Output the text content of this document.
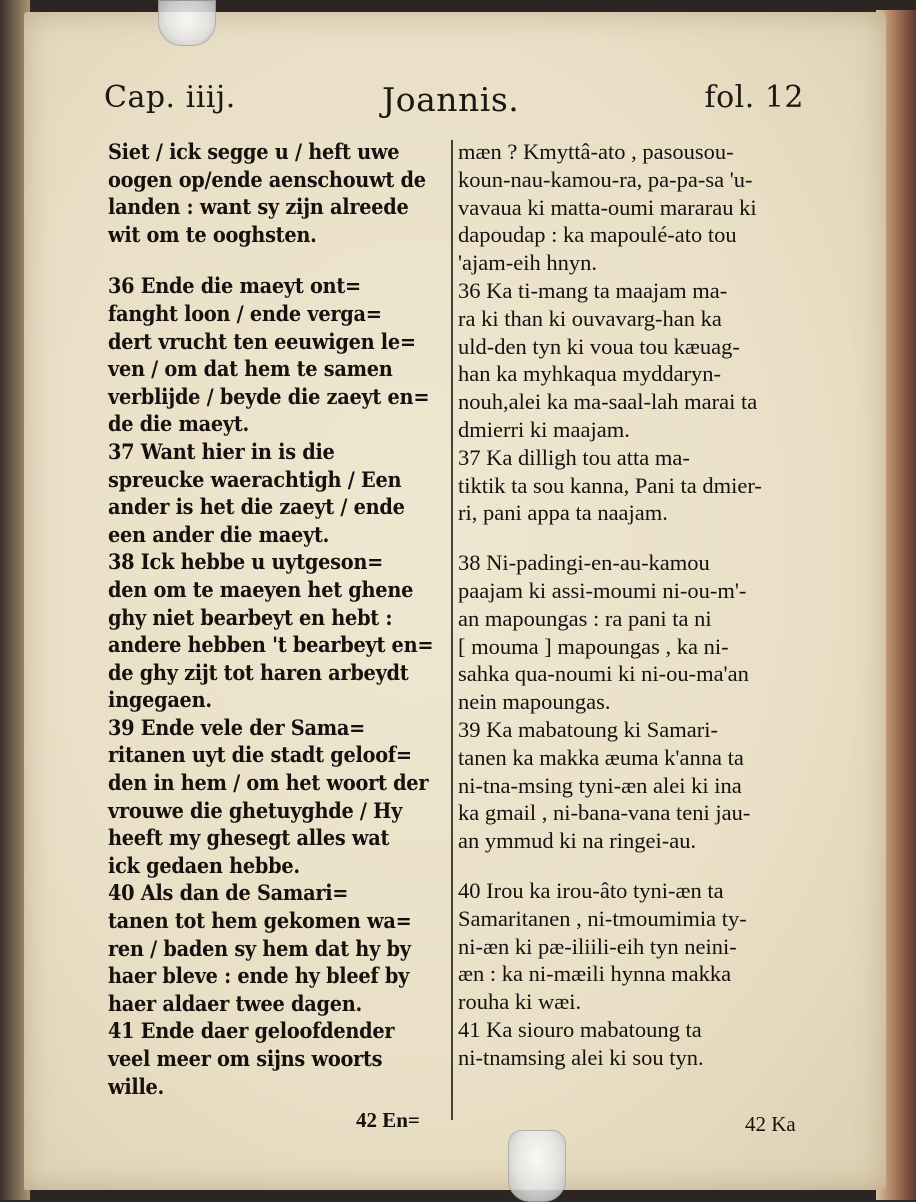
Cap. iiij.	Joannis.	fol. 12
Siet / ick segge u / heft uwe
oogen op/ende aenschouwt de
landen : want sy zijn alreede
wit om te ooghsten.
36 Ende die maeyt ont=
fanght loon / ende verga=
dert vrucht ten eeuwigen le=
ven / om dat hem te samen
verblijde / beyde die zaeyt en=
de die maeyt.
37 Want hier in is die
spreucke waerachtigh / Een
ander is het die zaeyt / ende
een ander die maeyt.
38 Ick hebbe u uytgeson=
den om te maeyen het ghene
ghy niet bearbeyt en hebt :
andere hebben 't bearbeyt en=
de ghy zijt tot haren arbeydt
ingegaen.
39 Ende vele der Sama=
ritanen uyt die stadt geloof=
den in hem / om het woort der
vrouwe die ghetuyghde / Hy
heeft my ghesegt alles wat
ick gedaen hebbe.
40 Als dan de Samari=
tanen tot hem gekomen wa=
ren / baden sy hem dat hy by
haer bleve : ende hy bleef by
haer aldaer twee dagen.
41 Ende daer geloofdender
veel meer om sijns woorts
wille.
mæn ? Kmyttâ-ato , pasousou-
koun-nau-kamou-ra, pa-pa-sa 'u-
vavaua ki matta-oumi mararau ki
dapoudap : ka mapoulé-ato tou
'ajam-eih hnyn.
36 Ka ti-mang ta maajam ma-
ra ki than ki ouvavarg-han ka
uld-den tyn ki voua tou kæuag-
han ka myhkaqua myddaryn-
nouh,alei ka ma-saal-lah marai ta
dmierri ki maajam.
37 Ka dilligh tou atta ma-
tiktik ta sou kanna, Pani ta dmier-
ri, pani appa ta naajam.
38 Ni-padingi-en-au-kamou
paajam ki assi-moumi ni-ou-m'-
an mapoungas : ra pani ta ni
[ mouma ] mapoungas , ka ni-
sahka qua-noumi ki ni-ou-ma'an
nein mapoungas.
39 Ka mabatoung ki Samari-
tanen ka makka æuma k'anna ta
ni-tna-msing tyni-æn alei ki ina
ka gmail , ni-bana-vana teni jau-
an ymmud ki na ringei-au.
40 Irou ka irou-âto tyni-æn ta
Samaritanen , ni-tmoumimia ty-
ni-æn ki pæ-iliili-eih tyn neini-
æn : ka ni-mæili hynna makka
rouha ki wæi.
41 Ka siouro mabatoung ta
ni-tnamsing alei ki sou tyn.
42 En=	42 Ka
